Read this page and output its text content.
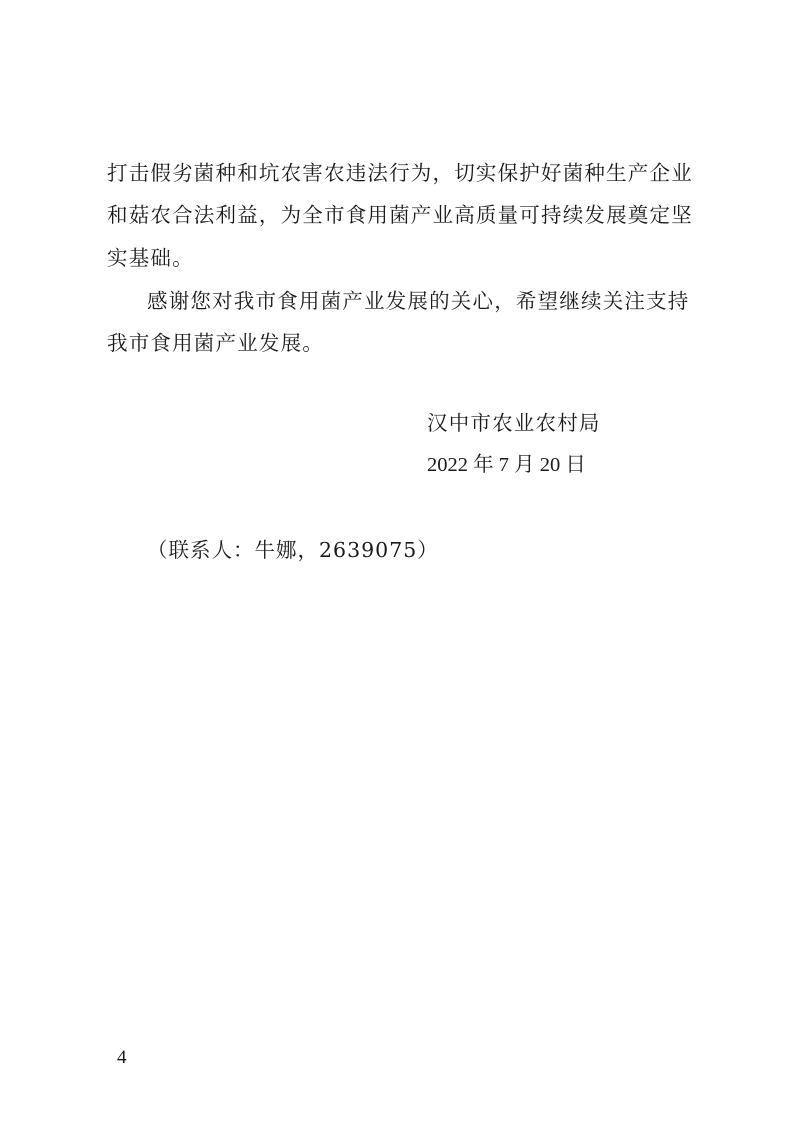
打击假劣菌种和坑农害农违法行为，切实保护好菌种生产企业
和菇农合法利益，为全市食用菌产业高质量可持续发展奠定坚
实基础。
感谢您对我市食用菌产业发展的关心，希望继续关注支持
我市食用菌产业发展。
汉中市农业农村局
2022 年 7 月 20 日
（联系人：牛娜，2639075）
4
